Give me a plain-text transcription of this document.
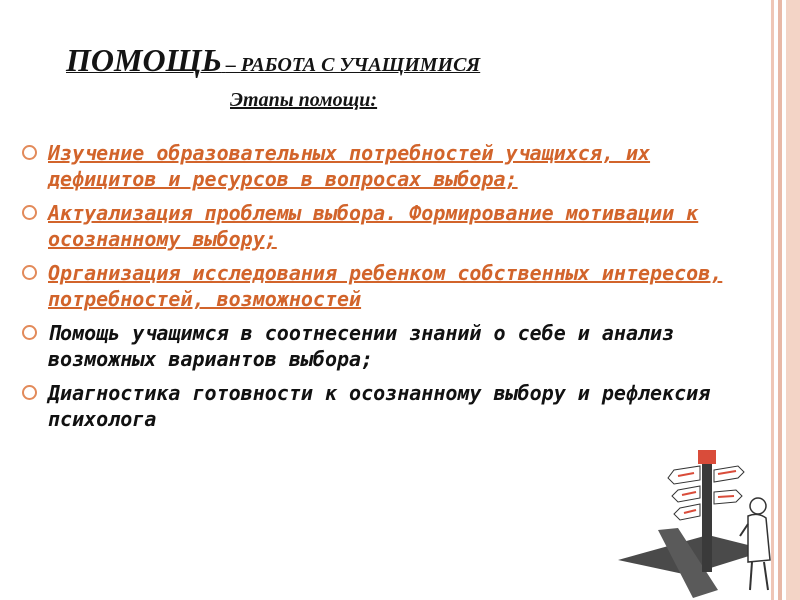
ПОМОЩЬ – РАБОТА С УЧАЩИМИСЯ
Этапы помощи:
Изучение образовательных потребностей учащихся, их дефицитов и ресурсов в вопросах выбора;
Актуализация проблемы выбора. Формирование мотивации к осознанному выбору;
Организация исследования ребенком собственных интересов, потребностей, возможностей
Помощь учащимся в соотнесении знаний о себе и анализ возможных вариантов выбора;
Диагностика готовности к осознанному выбору и рефлексия психолога
